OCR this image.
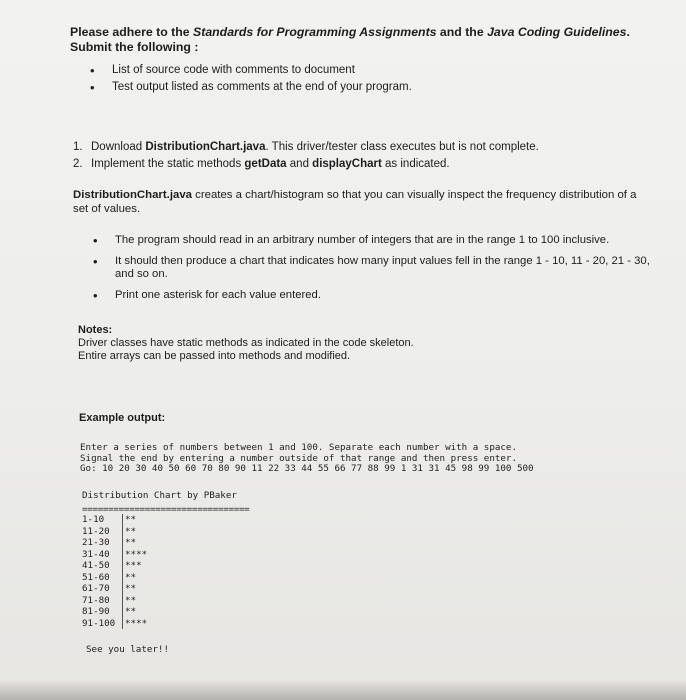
Please adhere to the Standards for Programming Assignments and the Java Coding Guidelines. Submit the following :
• List of source code with comments to document
• Test output listed as comments at the end of your program.
1. Download DistributionChart.java. This driver/tester class executes but is not complete.
2. Implement the static methods getData and displayChart as indicated.
DistributionChart.java creates a chart/histogram so that you can visually inspect the frequency distribution of a set of values.
• The program should read in an arbitrary number of integers that are in the range 1 to 100 inclusive.
• It should then produce a chart that indicates how many input values fell in the range 1 - 10, 11 - 20, 21 - 30, and so on.
• Print one asterisk for each value entered.
Notes:
Driver classes have static methods as indicated in the code skeleton.
Entire arrays can be passed into methods and modified.
Example output:
Enter a series of numbers between 1 and 100. Separate each number with a space.
Signal the end by entering a number outside of that range and then press enter.
Go: 10 20 30 40 50 60 70 80 90 11 22 33 44 55 66 77 88 99 1 31 31 45 98 99 100 500
Distribution Chart by PBaker
================================
1-10 **
11-20 **
21-30 **
31-40 ****
41-50 ***
51-60 **
61-70 **
71-80 **
81-90 **
91-100 ****
See you later!!
